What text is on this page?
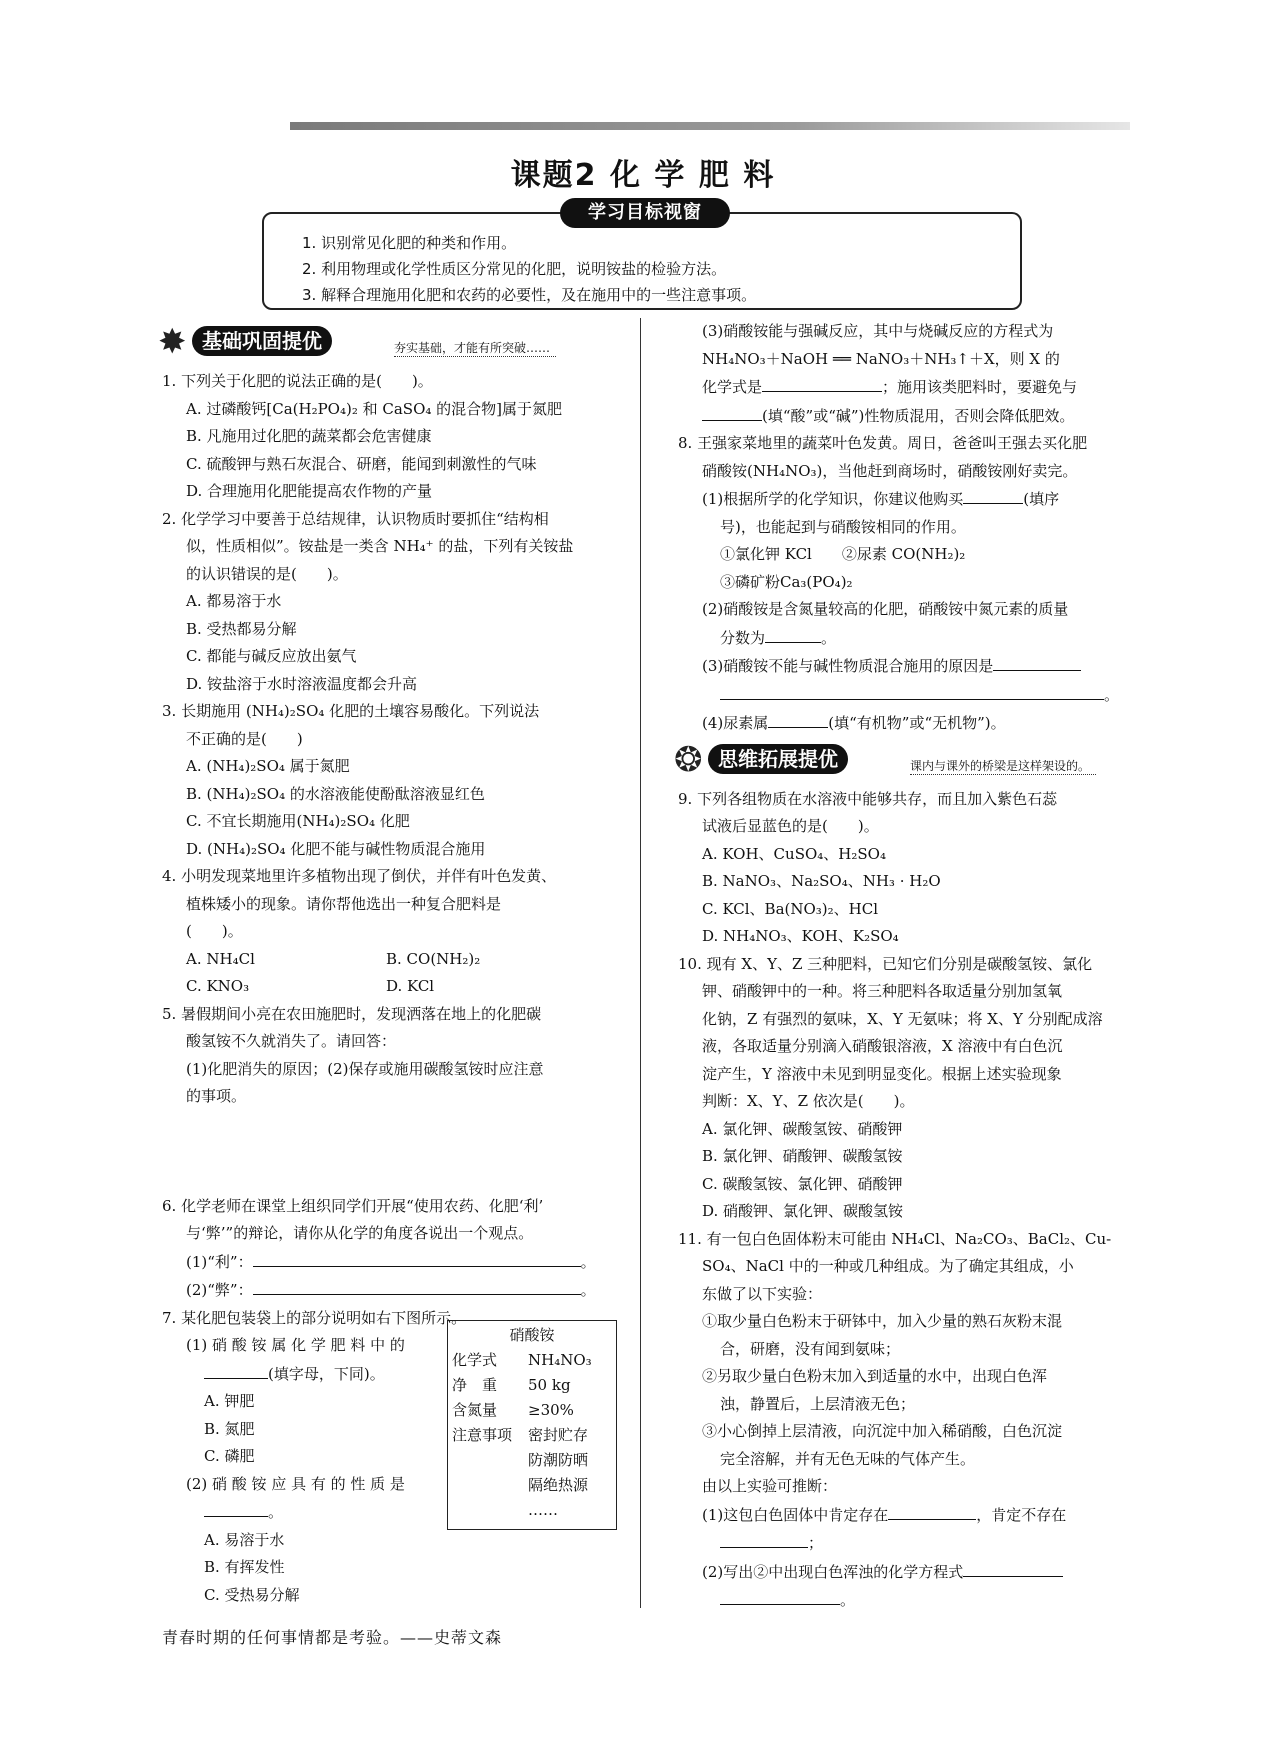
课题2 化 学 肥 料
学习目标视窗
1. 识别常见化肥的种类和作用。
2. 利用物理或化学性质区分常见的化肥，说明铵盐的检验方法。
3. 解释合理施用化肥和农药的必要性，及在施用中的一些注意事项。
✸ 基础巩固提优	夯实基础，才能有所突破……
1. 下列关于化肥的说法正确的是(　　)。
A. 过磷酸钙[Ca(H₂PO₄)₂ 和 CaSO₄ 的混合物]属于氮肥
B. 凡施用过化肥的蔬菜都会危害健康
C. 硫酸钾与熟石灰混合、研磨，能闻到刺激性的气味
D. 合理施用化肥能提高农作物的产量
2. 化学学习中要善于总结规律，认识物质时要抓住“结构相
似，性质相似”。铵盐是一类含 NH₄⁺ 的盐，下列有关铵盐
的认识错误的是(　　)。
A. 都易溶于水
B. 受热都易分解
C. 都能与碱反应放出氨气
D. 铵盐溶于水时溶液温度都会升高
3. 长期施用 (NH₄)₂SO₄ 化肥的土壤容易酸化。下列说法
不正确的是(　　)
A. (NH₄)₂SO₄ 属于氮肥
B. (NH₄)₂SO₄ 的水溶液能使酚酞溶液显红色
C. 不宜长期施用(NH₄)₂SO₄ 化肥
D. (NH₄)₂SO₄ 化肥不能与碱性物质混合施用
4. 小明发现菜地里许多植物出现了倒伏，并伴有叶色发黄、
植株矮小的现象。请你帮他选出一种复合肥料是
(　　)。
A. NH₄Cl	B. CO(NH₂)₂
C. KNO₃	D. KCl
5. 暑假期间小亮在农田施肥时，发现洒落在地上的化肥碳
酸氢铵不久就消失了。请回答：
(1)化肥消失的原因；(2)保存或施用碳酸氢铵时应注意
的事项。
6. 化学老师在课堂上组织同学们开展“使用农药、化肥‘利’
与‘弊’”的辩论，请你从化学的角度各说出一个观点。
(1)“利”：	。
(2)“弊”：	。
7. 某化肥包装袋上的部分说明如右下图所示。
(1) 硝 酸 铵 属 化 学 肥 料 中 的
(填字母，下同)。
A. 钾肥
B. 氮肥
C. 磷肥
(2) 硝 酸 铵 应 具 有 的 性 质 是
。
A. 易溶于水
B. 有挥发性
C. 受热易分解
硝酸铵
化学式	NH₄NO₃
净　重	50 kg
含氮量	≥30%
注意事项	密封贮存
防潮防晒
隔绝热源
……
(3)硝酸铵能与强碱反应，其中与烧碱反应的方程式为
NH₄NO₃＋NaOH ══ NaNO₃＋NH₃↑＋X，则 X 的
化学式是	；施用该类肥料时，要避免与
(填“酸”或“碱”)性物质混用，否则会降低肥效。
8. 王强家菜地里的蔬菜叶色发黄。周日，爸爸叫王强去买化肥
硝酸铵(NH₄NO₃)，当他赶到商场时，硝酸铵刚好卖完。
(1)根据所学的化学知识，你建议他购买	(填序
号)，也能起到与硝酸铵相同的作用。
①氯化钾 KCl　　②尿素 CO(NH₂)₂
③磷矿粉Ca₃(PO₄)₂
(2)硝酸铵是含氮量较高的化肥，硝酸铵中氮元素的质量
分数为	。
(3)硝酸铵不能与碱性物质混合施用的原因是
。
(4)尿素属	(填“有机物”或“无机物”)。
❂ 思维拓展提优	课内与课外的桥梁是这样架设的。
9. 下列各组物质在水溶液中能够共存，而且加入紫色石蕊
试液后显蓝色的是(　　)。
A. KOH、CuSO₄、H₂SO₄
B. NaNO₃、Na₂SO₄、NH₃ · H₂O
C. KCl、Ba(NO₃)₂、HCl
D. NH₄NO₃、KOH、K₂SO₄
10. 现有 X、Y、Z 三种肥料，已知它们分别是碳酸氢铵、氯化
钾、硝酸钾中的一种。将三种肥料各取适量分别加氢氧
化钠，Z 有强烈的氨味，X、Y 无氨味；将 X、Y 分别配成溶
液，各取适量分别滴入硝酸银溶液，X 溶液中有白色沉
淀产生，Y 溶液中未见到明显变化。根据上述实验现象
判断：X、Y、Z 依次是(　　)。
A. 氯化钾、碳酸氢铵、硝酸钾
B. 氯化钾、硝酸钾、碳酸氢铵
C. 碳酸氢铵、氯化钾、硝酸钾
D. 硝酸钾、氯化钾、碳酸氢铵
11. 有一包白色固体粉末可能由 NH₄Cl、Na₂CO₃、BaCl₂、Cu-
SO₄、NaCl 中的一种或几种组成。为了确定其组成，小
东做了以下实验：
①取少量白色粉末于研钵中，加入少量的熟石灰粉末混
合，研磨，没有闻到氨味；
②另取少量白色粉末加入到适量的水中，出现白色浑
浊，静置后，上层清液无色；
③小心倒掉上层清液，向沉淀中加入稀硝酸，白色沉淀
完全溶解，并有无色无味的气体产生。
由以上实验可推断：
(1)这包白色固体中肯定存在	，肯定不存在
；
(2)写出②中出现白色浑浊的化学方程式
。
青春时期的任何事情都是考验。——史蒂文森
